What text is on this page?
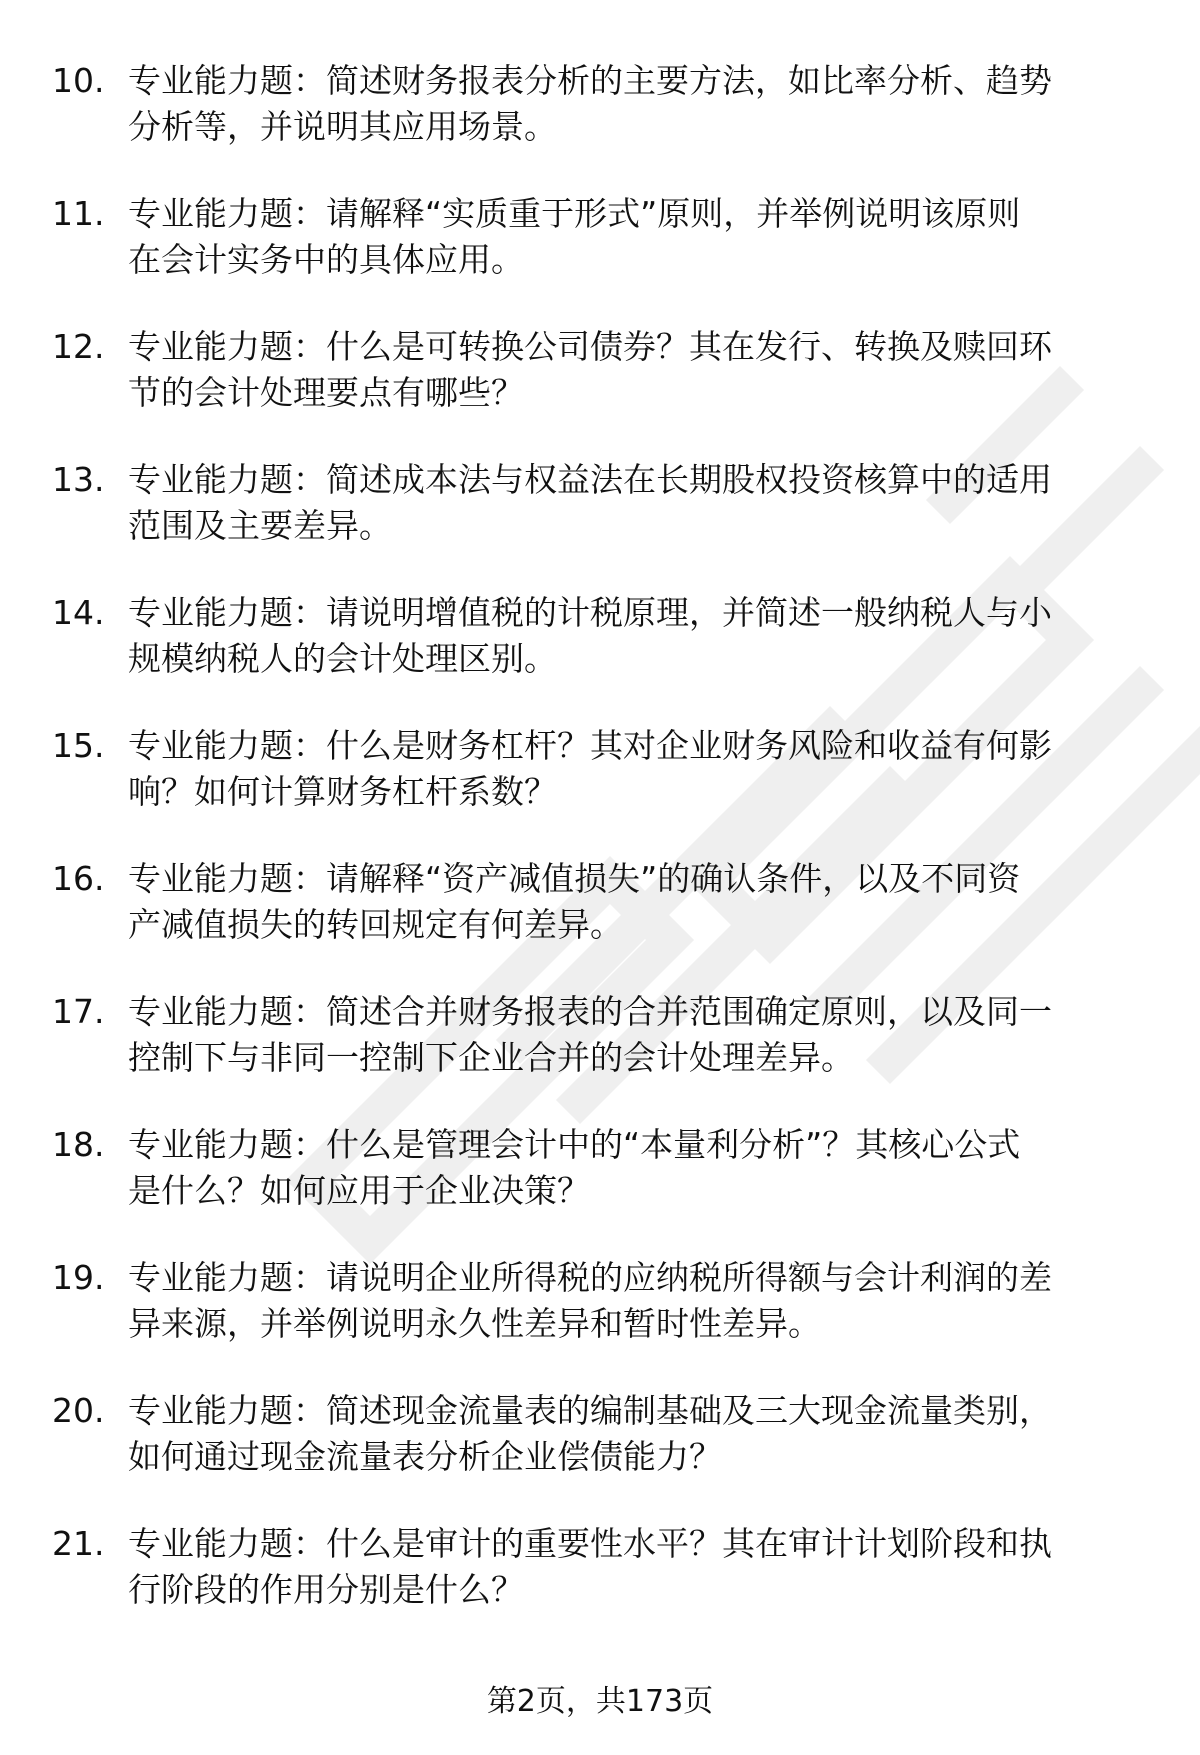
10. 专业能力题：简述财务报表分析的主要方法，如比率分析、趋势
分析等，并说明其应用场景。
11. 专业能力题：请解释“实质重于形式”原则，并举例说明该原则
在会计实务中的具体应用。
12. 专业能力题：什么是可转换公司债券？其在发行、转换及赎回环
节的会计处理要点有哪些？
13. 专业能力题：简述成本法与权益法在长期股权投资核算中的适用
范围及主要差异。
14. 专业能力题：请说明增值税的计税原理，并简述一般纳税人与小
规模纳税人的会计处理区别。
15. 专业能力题：什么是财务杠杆？其对企业财务风险和收益有何影
响？如何计算财务杠杆系数？
16. 专业能力题：请解释“资产减值损失”的确认条件，以及不同资
产减值损失的转回规定有何差异。
17. 专业能力题：简述合并财务报表的合并范围确定原则，以及同一
控制下与非同一控制下企业合并的会计处理差异。
18. 专业能力题：什么是管理会计中的“本量利分析”？其核心公式
是什么？如何应用于企业决策？
19. 专业能力题：请说明企业所得税的应纳税所得额与会计利润的差
异来源，并举例说明永久性差异和暂时性差异。
20. 专业能力题：简述现金流量表的编制基础及三大现金流量类别，
如何通过现金流量表分析企业偿债能力？
21. 专业能力题：什么是审计的重要性水平？其在审计计划阶段和执
行阶段的作用分别是什么？
第2页，共173页
